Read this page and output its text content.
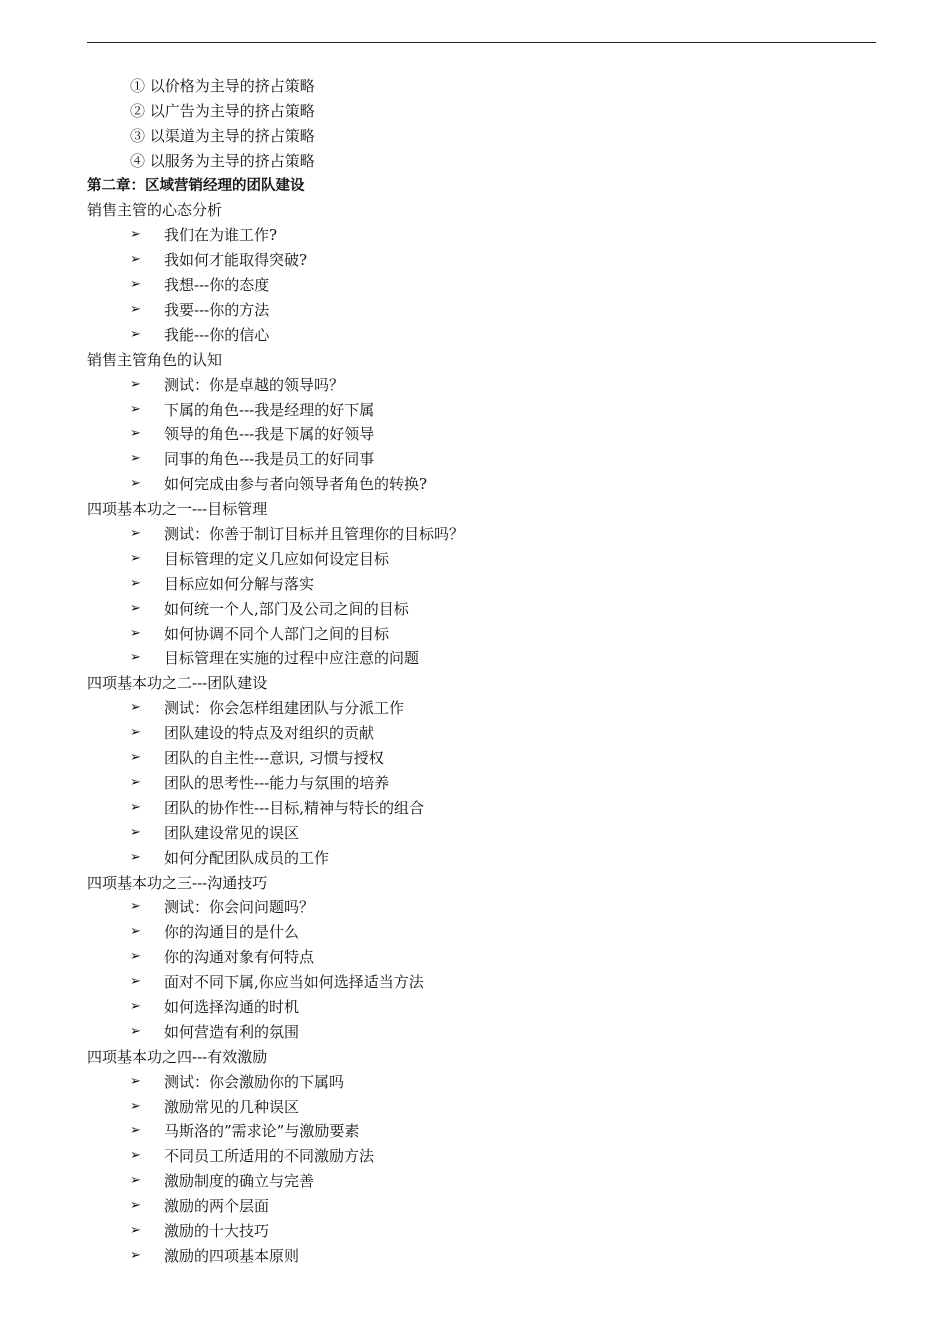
① 以价格为主导的挤占策略
② 以广告为主导的挤占策略
③ 以渠道为主导的挤占策略
④ 以服务为主导的挤占策略
第二章：区域营销经理的团队建设
销售主管的心态分析
➢ 我们在为谁工作?
➢ 我如何才能取得突破?
➢ 我想---你的态度
➢ 我要---你的方法
➢ 我能---你的信心
销售主管角色的认知
➢ 测试：你是卓越的领导吗？
➢ 下属的角色---我是经理的好下属
➢ 领导的角色---我是下属的好领导
➢ 同事的角色---我是员工的好同事
➢ 如何完成由参与者向领导者角色的转换?
四项基本功之一---目标管理
➢ 测试：你善于制订目标并且管理你的目标吗？
➢ 目标管理的定义几应如何设定目标
➢ 目标应如何分解与落实
➢ 如何统一个人,部门及公司之间的目标
➢ 如何协调不同个人部门之间的目标
➢ 目标管理在实施的过程中应注意的问题
四项基本功之二---团队建设
➢ 测试：你会怎样组建团队与分派工作
➢ 团队建设的特点及对组织的贡献
➢ 团队的自主性---意识, 习惯与授权
➢ 团队的思考性---能力与氛围的培养
➢ 团队的协作性---目标,精神与特长的组合
➢ 团队建设常见的误区
➢ 如何分配团队成员的工作
四项基本功之三---沟通技巧
➢ 测试：你会问问题吗？
➢ 你的沟通目的是什么
➢ 你的沟通对象有何特点
➢ 面对不同下属,你应当如何选择适当方法
➢ 如何选择沟通的时机
➢ 如何营造有利的氛围
四项基本功之四---有效激励
➢ 测试：你会激励你的下属吗
➢ 激励常见的几种误区
➢ 马斯洛的”需求论”与激励要素
➢ 不同员工所适用的不同激励方法
➢ 激励制度的确立与完善
➢ 激励的两个层面
➢ 激励的十大技巧
➢ 激励的四项基本原则
